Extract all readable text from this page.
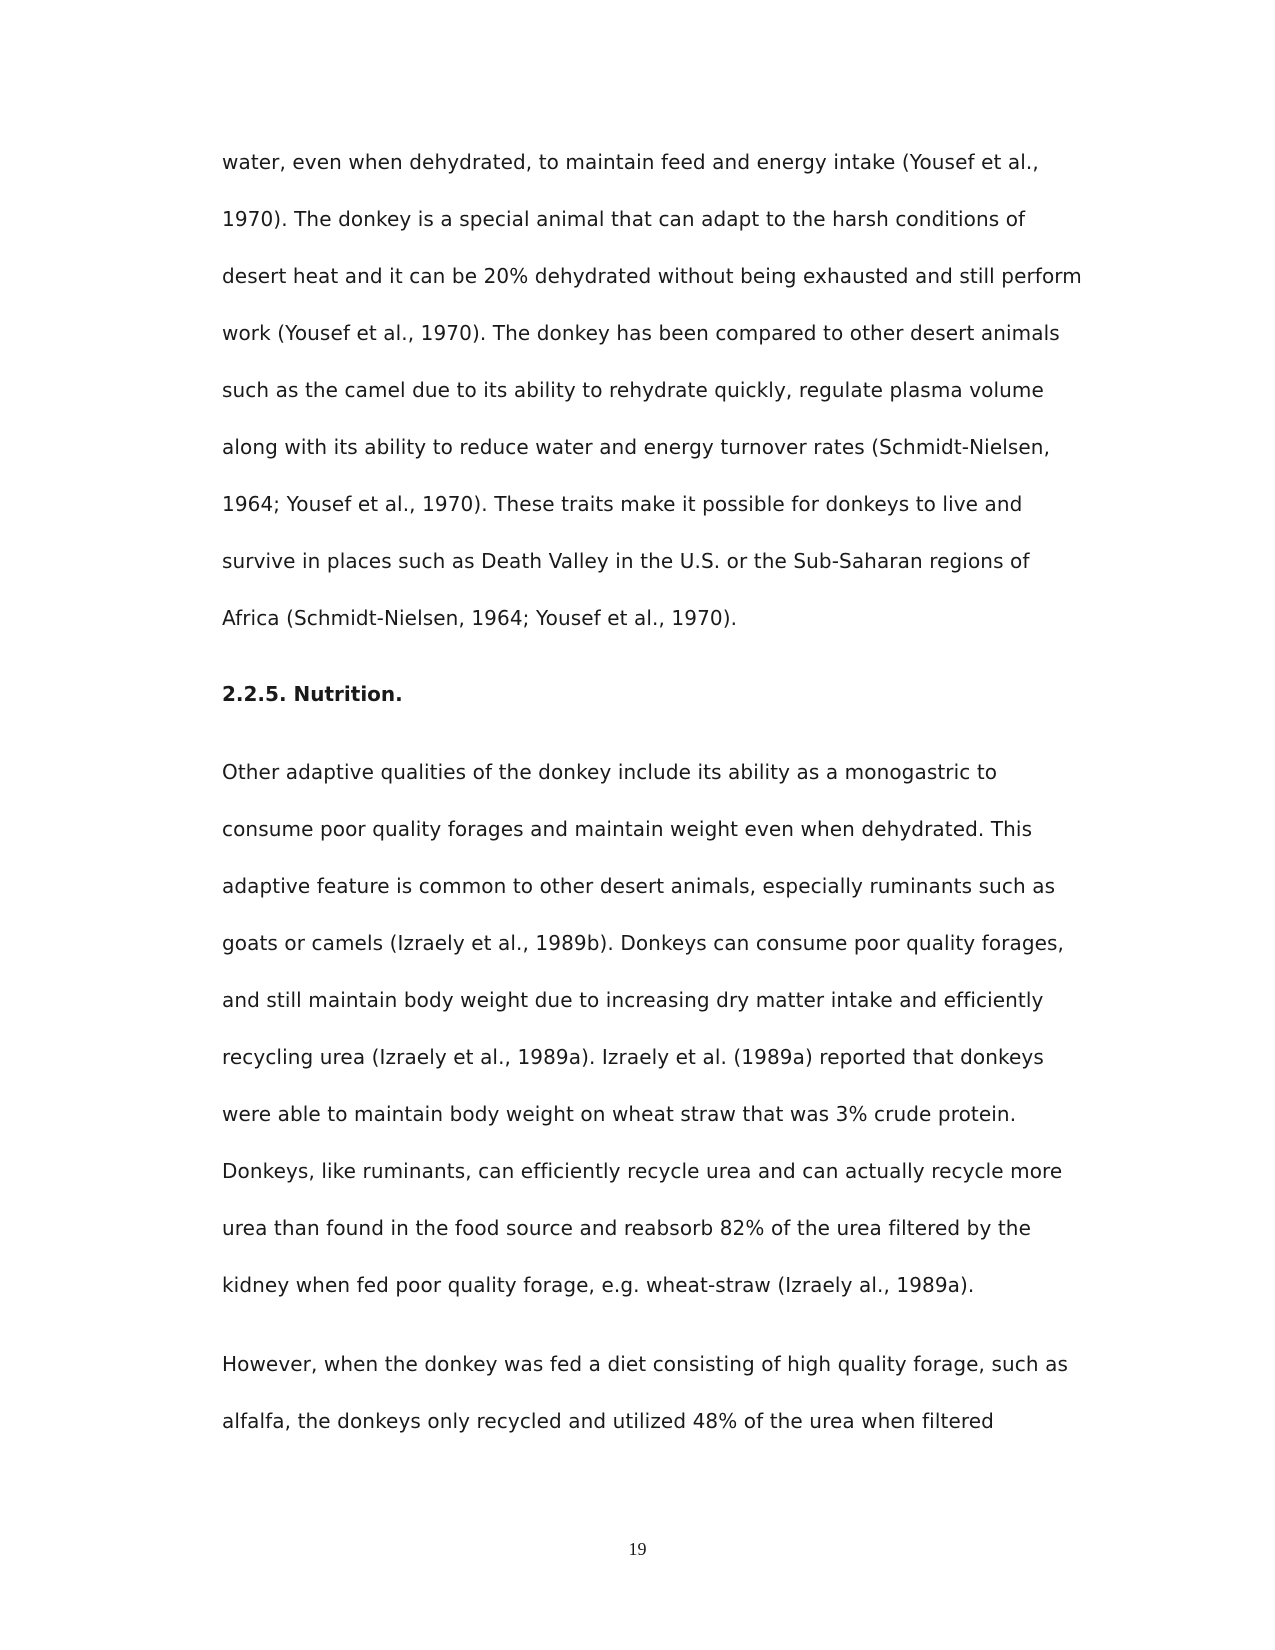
water, even when dehydrated, to maintain feed and energy intake (Yousef et al.,
1970). The donkey is a special animal that can adapt to the harsh conditions of
desert heat and it can be 20% dehydrated without being exhausted and still perform
work (Yousef et al., 1970). The donkey has been compared to other desert animals
such as the camel due to its ability to rehydrate quickly, regulate plasma volume
along with its ability to reduce water and energy turnover rates (Schmidt-Nielsen,
1964; Yousef et al., 1970). These traits make it possible for donkeys to live and
survive in places such as Death Valley in the U.S. or the Sub-Saharan regions of
Africa (Schmidt-Nielsen, 1964; Yousef et al., 1970).
2.2.5. Nutrition.
Other adaptive qualities of the donkey include its ability as a monogastric to
consume poor quality forages and maintain weight even when dehydrated. This
adaptive feature is common to other desert animals, especially ruminants such as
goats or camels (Izraely et al., 1989b). Donkeys can consume poor quality forages,
and still maintain body weight due to increasing dry matter intake and efficiently
recycling urea (Izraely et al., 1989a). Izraely et al. (1989a) reported that donkeys
were able to maintain body weight on wheat straw that was 3% crude protein.
Donkeys, like ruminants, can efficiently recycle urea and can actually recycle more
urea than found in the food source and reabsorb 82% of the urea filtered by the
kidney when fed poor quality forage, e.g. wheat-straw (Izraely al., 1989a).
However, when the donkey was fed a diet consisting of high quality forage, such as
alfalfa, the donkeys only recycled and utilized 48% of the urea when filtered
19
